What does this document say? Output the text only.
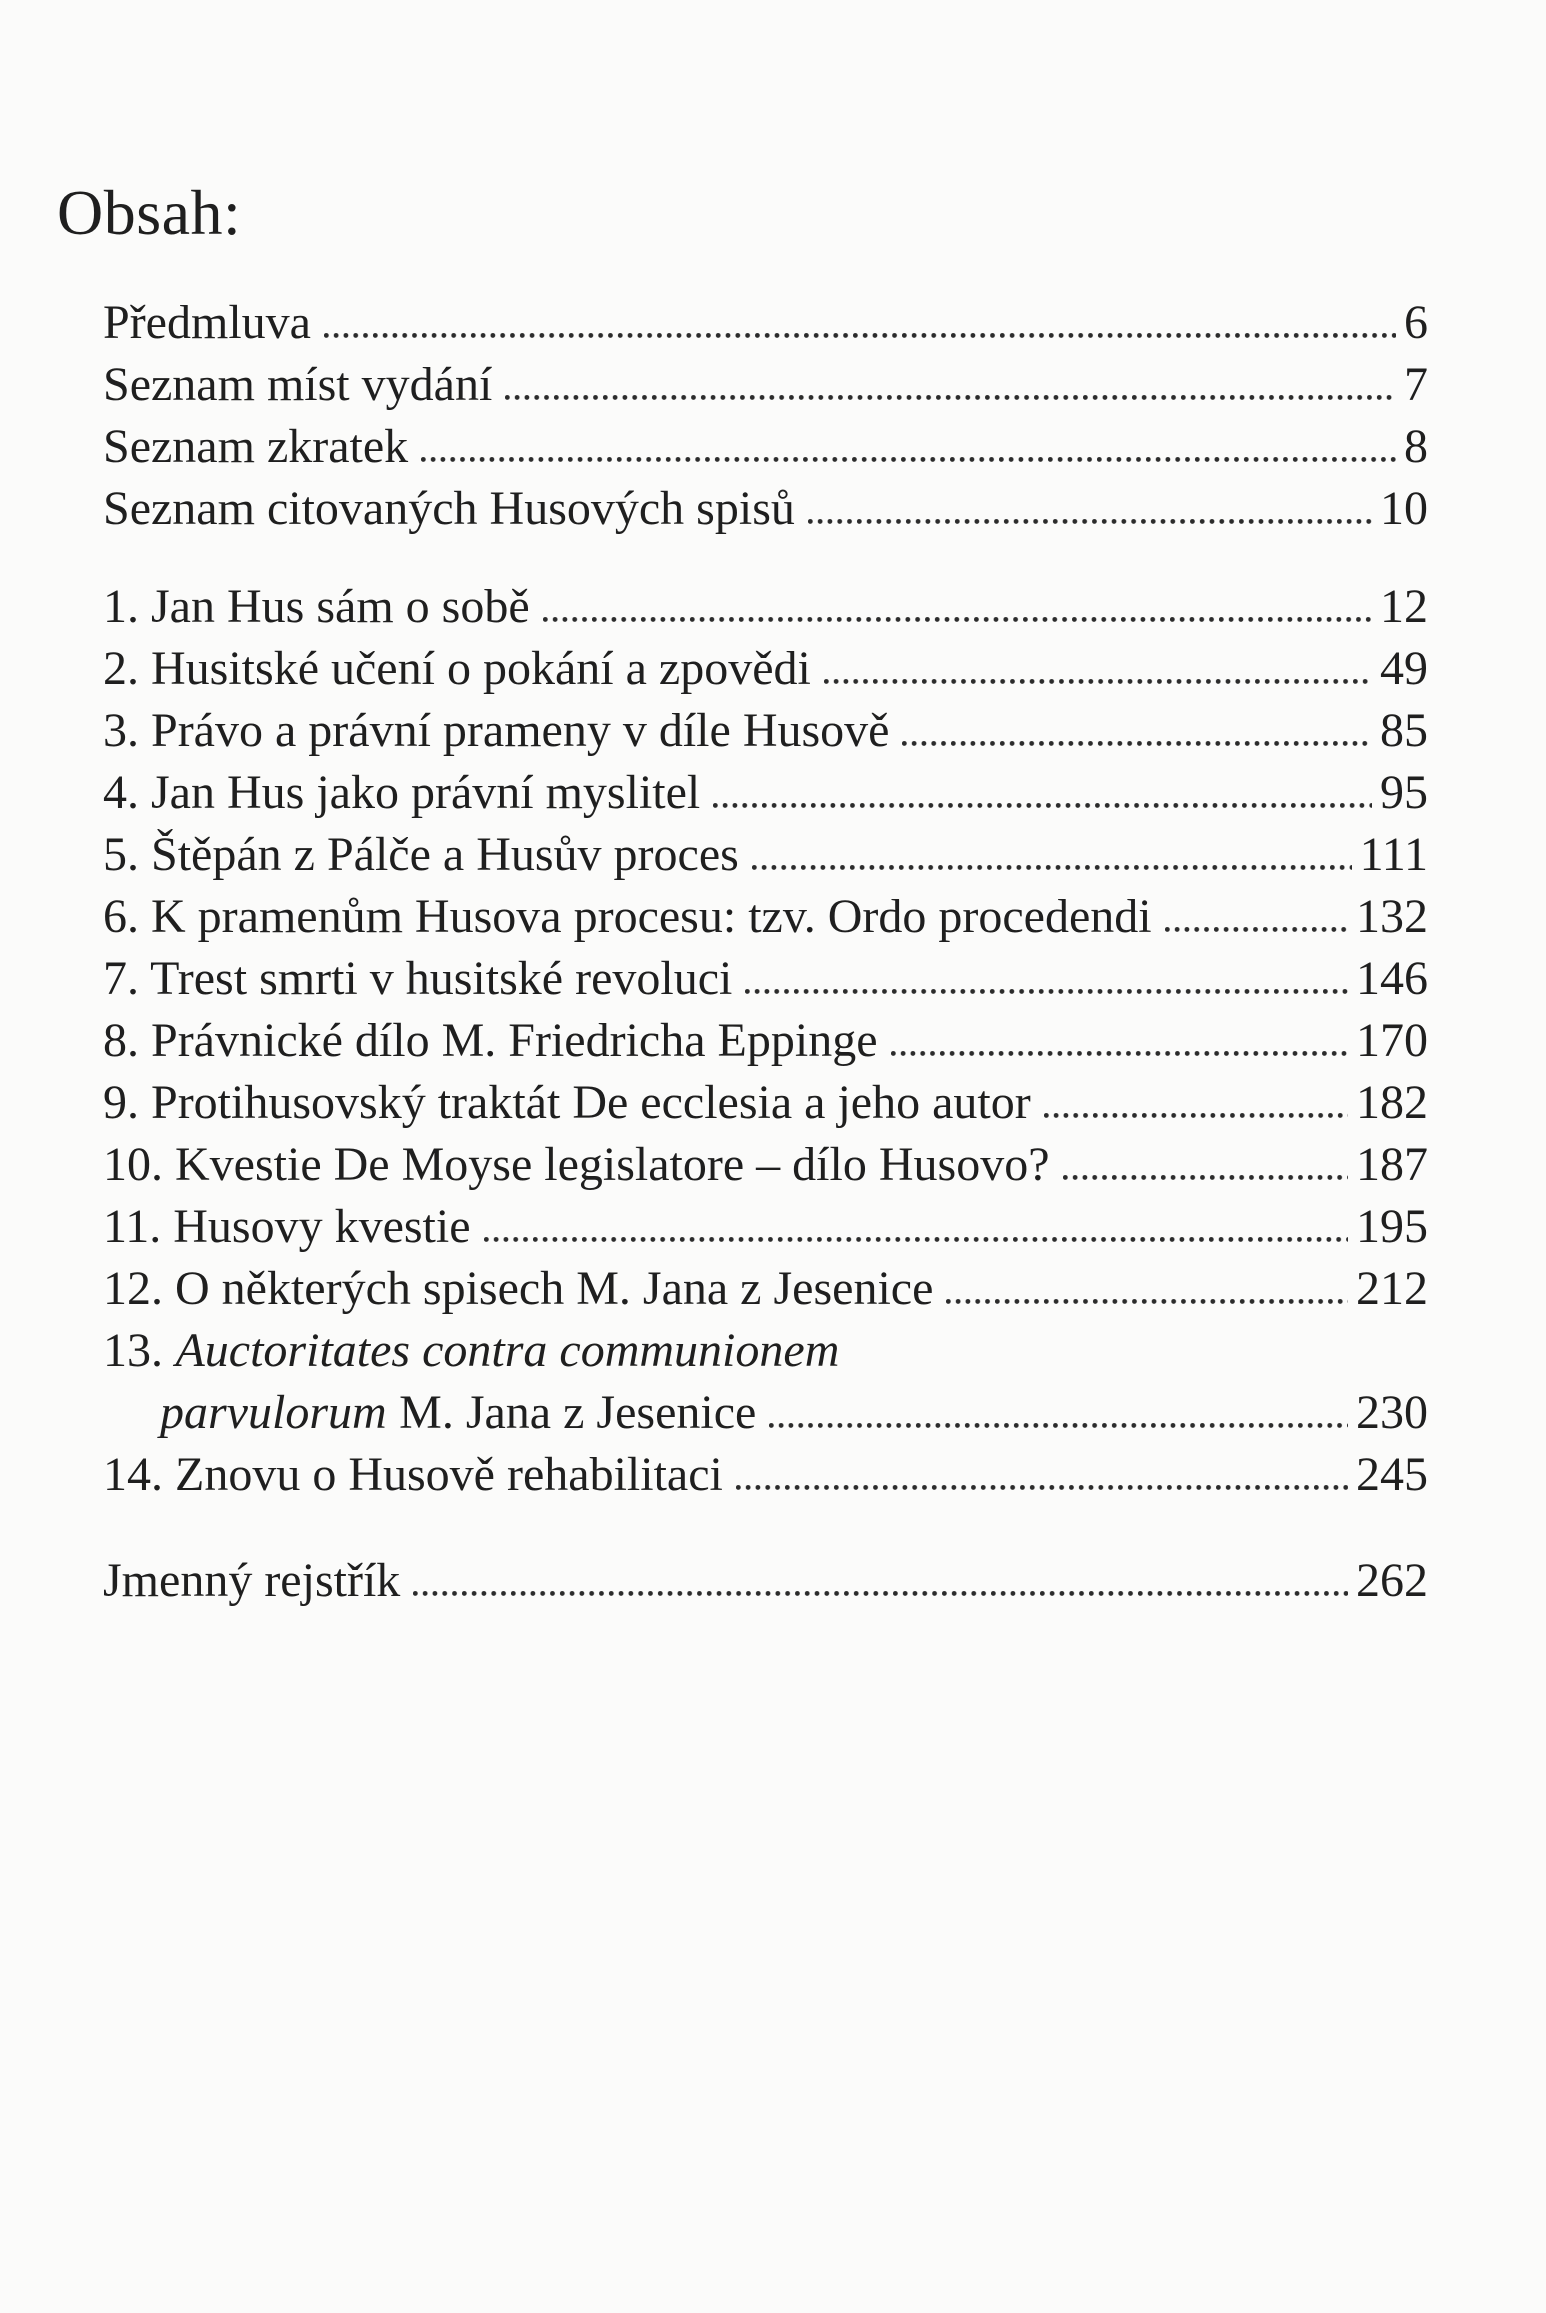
Obsah:
Předmluva	6
Seznam míst vydání	7
Seznam zkratek	8
Seznam citovaných Husových spisů	10
1. Jan Hus sám o sobě	12
2. Husitské učení o pokání a zpovědi	49
3. Právo a právní prameny v díle Husově	85
4. Jan Hus jako právní myslitel	95
5. Štěpán z Pálče a Husův proces	111
6. K pramenům Husova procesu: tzv. Ordo procedendi	132
7. Trest smrti v husitské revoluci	146
8. Právnické dílo M. Friedricha Eppinge	170
9. Protihusovský traktát De ecclesia a jeho autor	182
10. Kvestie De Moyse legislatore – dílo Husovo?	187
11. Husovy kvestie	195
12. O některých spisech M. Jana z Jesenice	212
13. Auctoritates contra communionem
parvulorum M. Jana z Jesenice	230
14. Znovu o Husově rehabilitaci	245
Jmenný rejstřík	262
